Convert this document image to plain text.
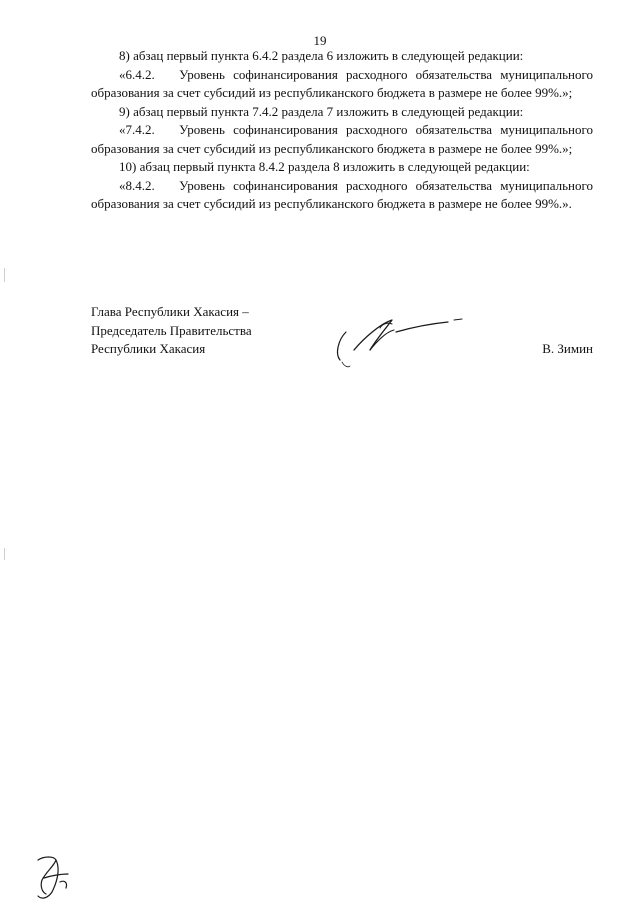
19

8) абзац первый пункта 6.4.2 раздела 6 изложить в следующей редакции:

«6.4.2.   Уровень софинансирования расходного обязательства муниципального образования за счет субсидий из республиканского бюджета в размере не более 99%.»;

9) абзац первый пункта 7.4.2 раздела 7 изложить в следующей редакции:

«7.4.2.   Уровень софинансирования расходного обязательства муниципального образования за счет субсидий из республиканского бюджета в размере не более 99%.»;

10) абзац первый пункта 8.4.2 раздела 8 изложить в следующей редакции:

«8.4.2.   Уровень софинансирования расходного обязательства муниципального образования за счет субсидий из республиканского бюджета в размере не более 99%.».

Глава Республики Хакасия –
Председатель Правительства
Республики Хакасия	В. Зимин
